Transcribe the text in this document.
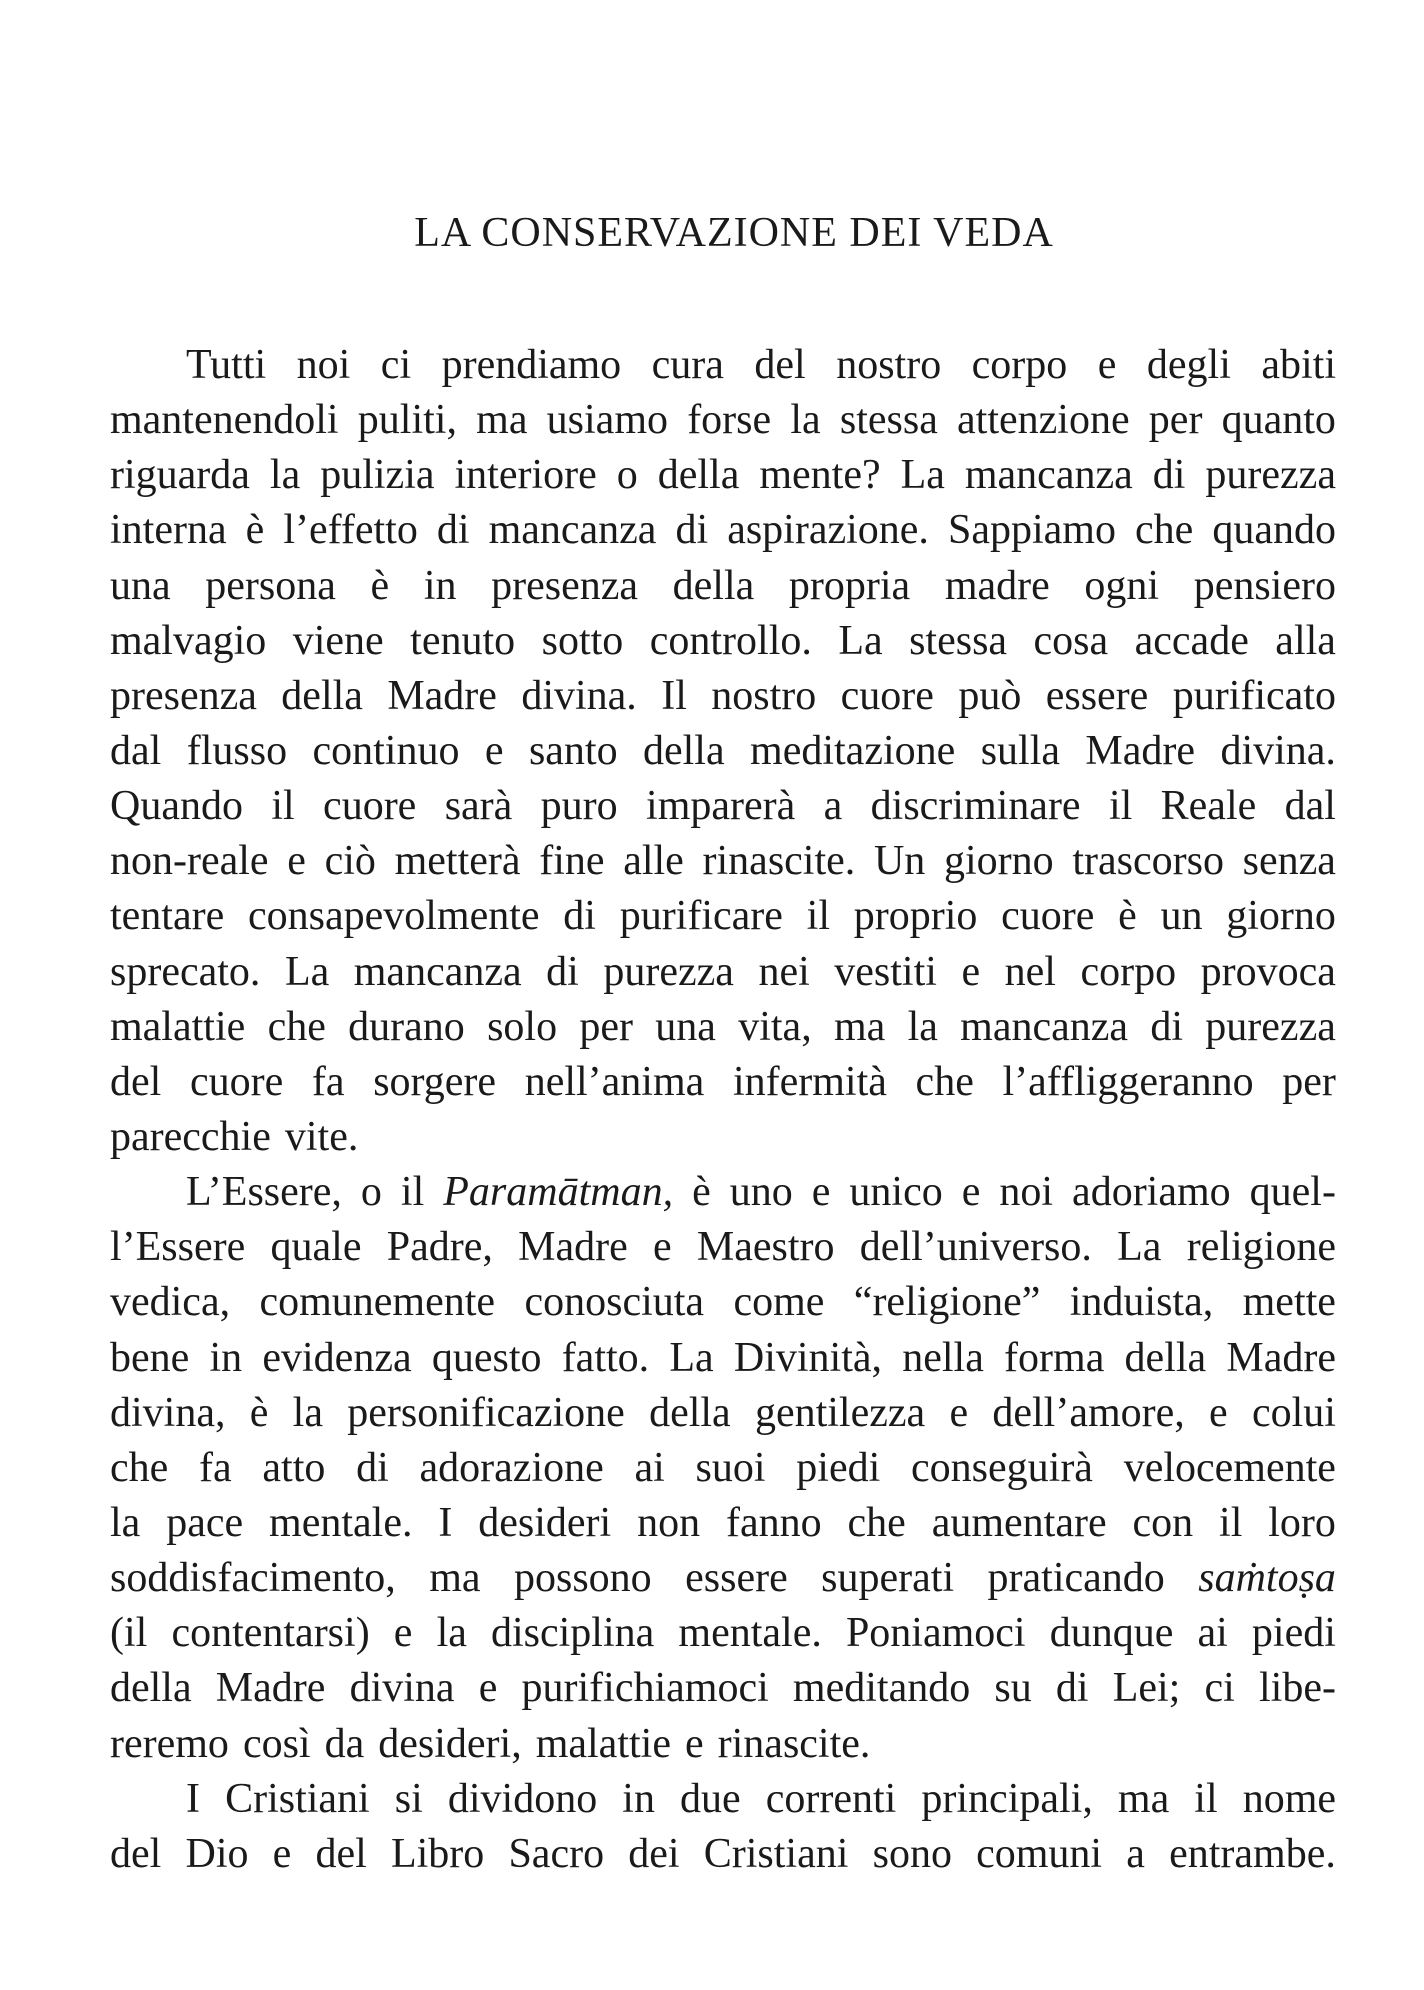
LA CONSERVAZIONE DEI VEDA
Tutti noi ci prendiamo cura del nostro corpo e degli abiti
mantenendoli puliti, ma usiamo forse la stessa attenzione per quanto
riguarda la pulizia interiore o della mente? La mancanza di purezza
interna è l’effetto di mancanza di aspirazione. Sappiamo che quando
una persona è in presenza della propria madre ogni pensiero
malvagio viene tenuto sotto controllo. La stessa cosa accade alla
presenza della Madre divina. Il nostro cuore può essere purificato
dal flusso continuo e santo della meditazione sulla Madre divina.
Quando il cuore sarà puro imparerà a discriminare il Reale dal
non-reale e ciò metterà fine alle rinascite. Un giorno trascorso senza
tentare consapevolmente di purificare il proprio cuore è un giorno
sprecato. La mancanza di purezza nei vestiti e nel corpo provoca
malattie che durano solo per una vita, ma la mancanza di purezza
del cuore fa sorgere nell’anima infermità che l’affliggeranno per
parecchie vite.
L’Essere, o il Paramātman, è uno e unico e noi adoriamo quel-
l’Essere quale Padre, Madre e Maestro dell’universo. La religione
vedica, comunemente conosciuta come “religione” induista, mette
bene in evidenza questo fatto. La Divinità, nella forma della Madre
divina, è la personificazione della gentilezza e dell’amore, e colui
che fa atto di adorazione ai suoi piedi conseguirà velocemente
la pace mentale. I desideri non fanno che aumentare con il loro
soddisfacimento, ma possono essere superati praticando saṁtoṣa
(il contentarsi) e la disciplina mentale. Poniamoci dunque ai piedi
della Madre divina e purifichiamoci meditando su di Lei; ci libe-
reremo così da desideri, malattie e rinascite.
I Cristiani si dividono in due correnti principali, ma il nome
del Dio e del Libro Sacro dei Cristiani sono comuni a entrambe.
